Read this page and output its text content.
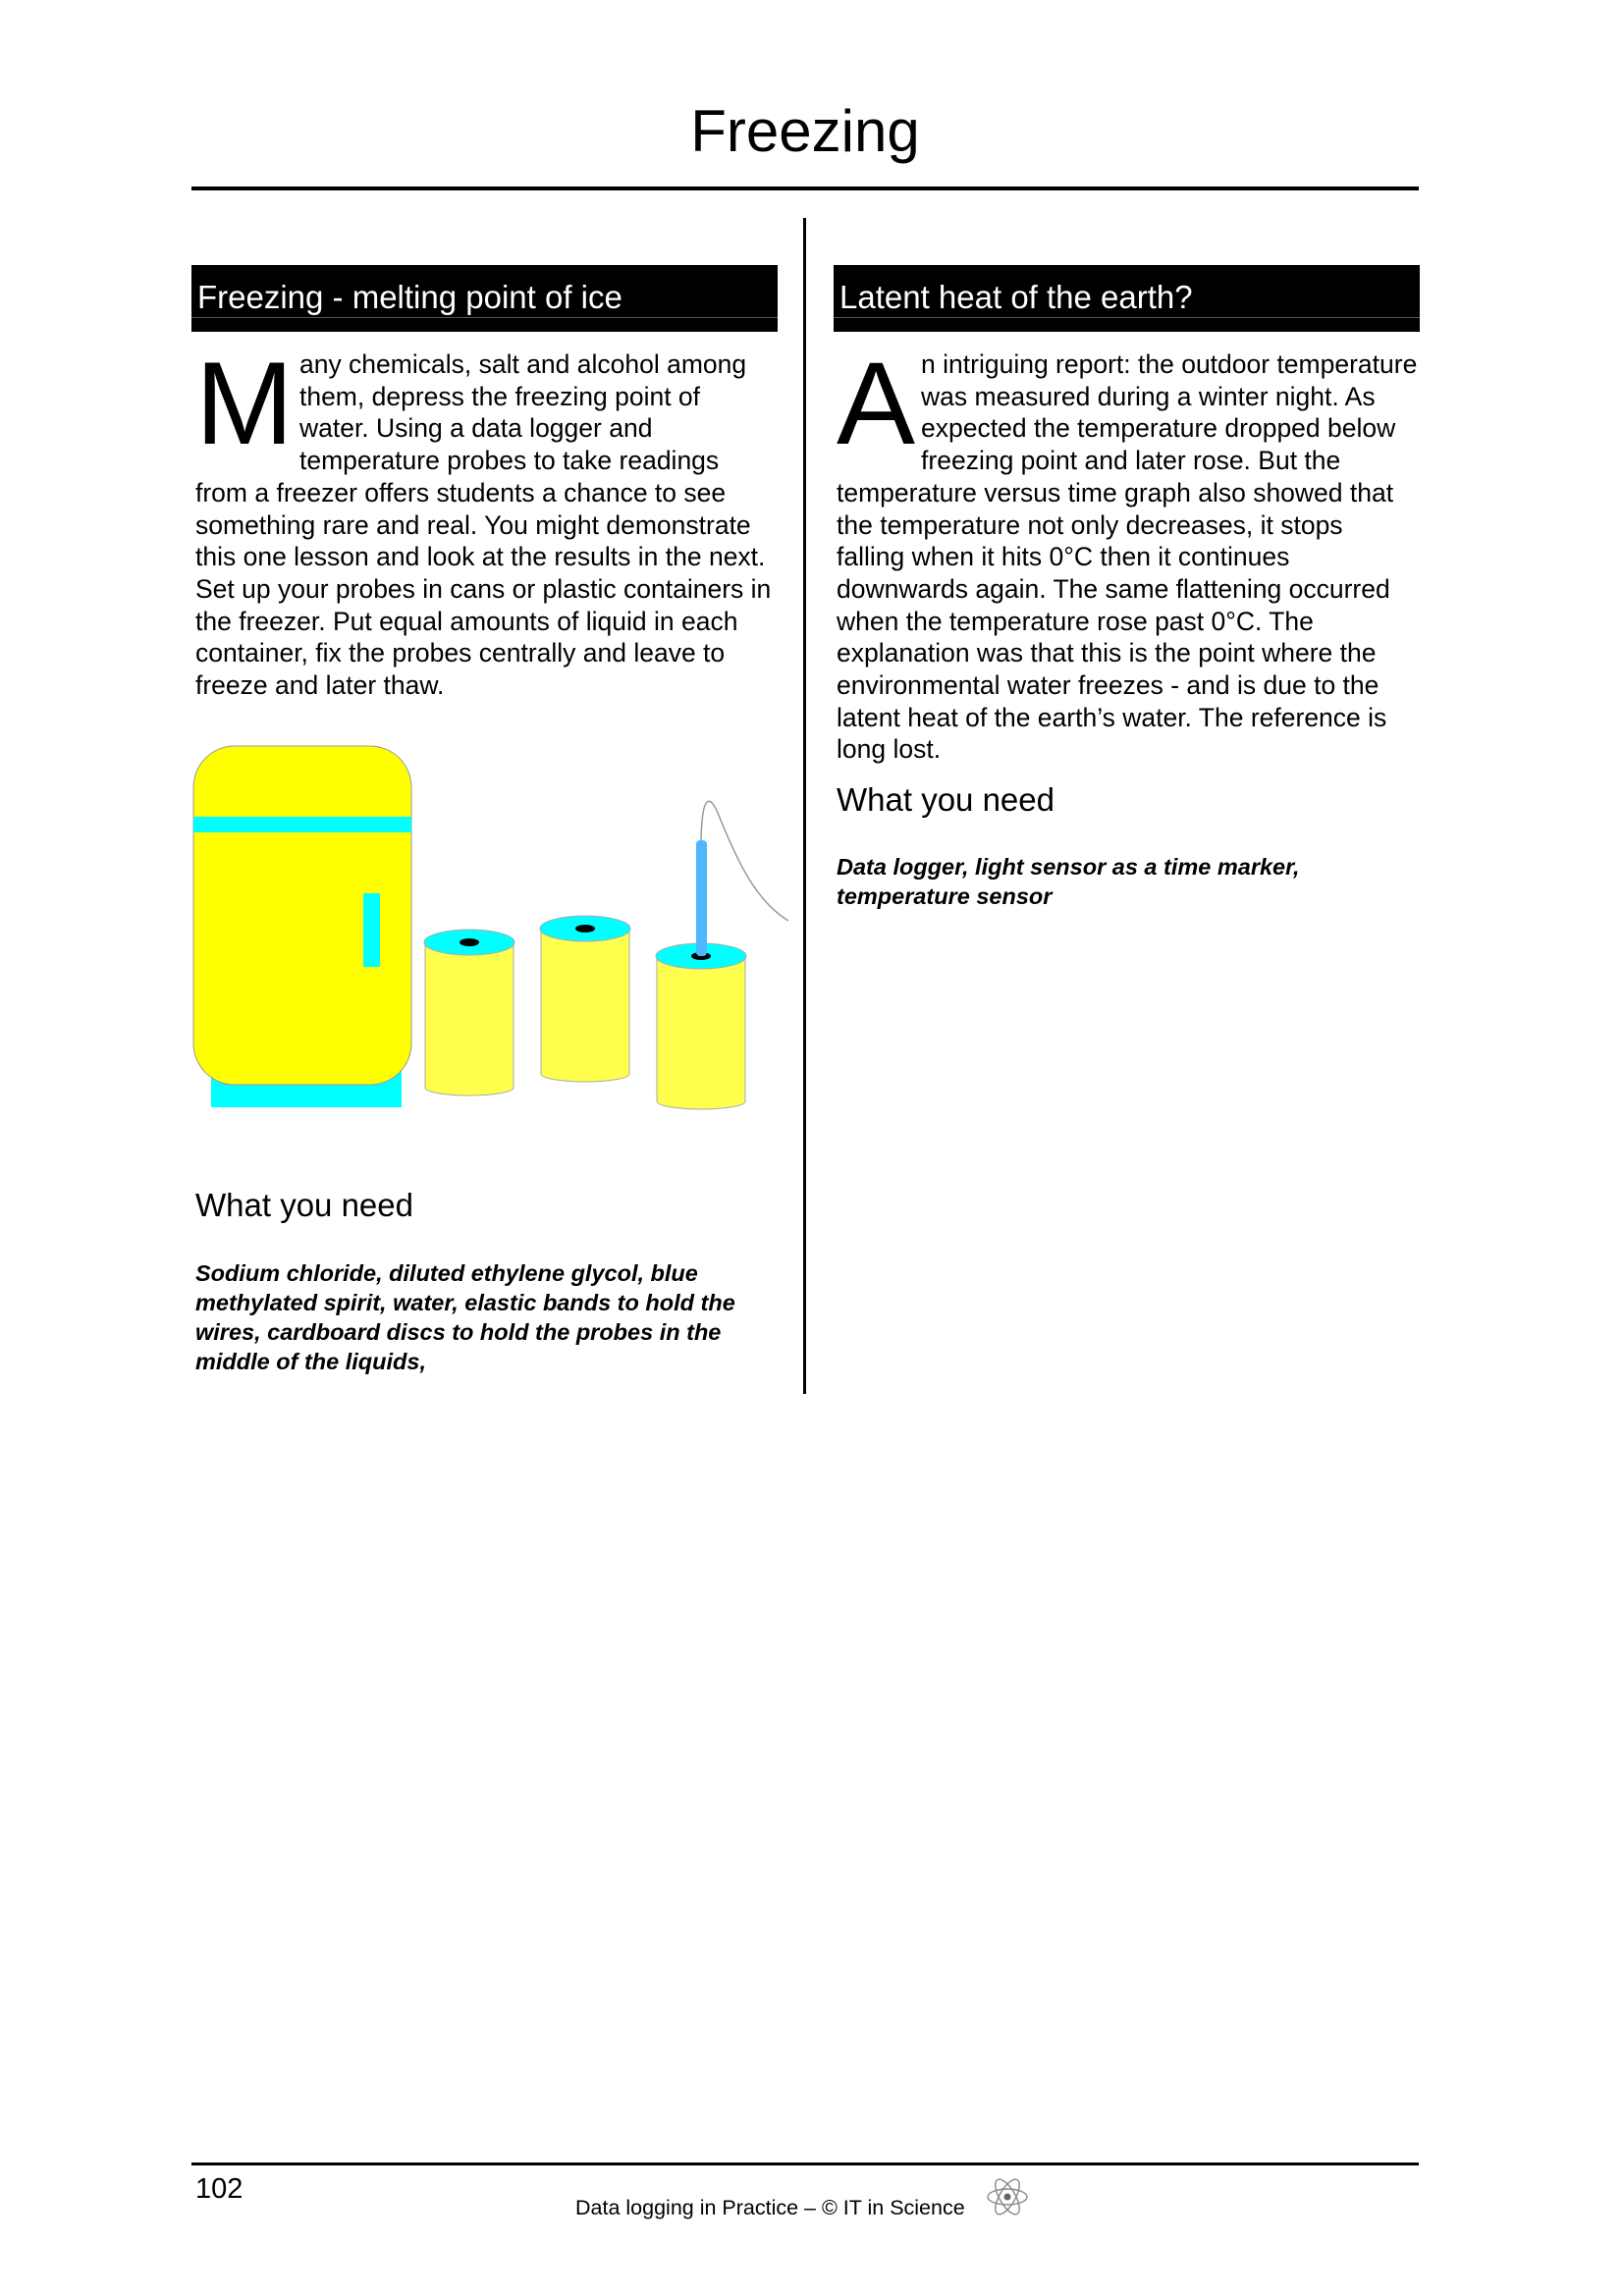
Freezing
Freezing - melting point of ice

Many chemicals, salt and alcohol among them, depress the freezing point of water. Using a data logger and temperature probes to take readings from a freezer offers students a chance to see something rare and real. You might demonstrate this one lesson and look at the results in the next. Set up your probes in cans or plastic containers in the freezer. Put equal amounts of liquid in each container, fix the probes centrally and leave to freeze and later thaw.

What you need

Sodium chloride, diluted ethylene glycol, blue methylated spirit, water, elastic bands to hold the wires, cardboard discs to hold the probes in the middle of the liquids,

Latent heat of the earth?

An intriguing report: the outdoor temperature was measured during a winter night. As expected the temperature dropped below freezing point and later rose. But the temperature versus time graph also showed that the temperature not only decreases, it stops falling when it hits 0°C then it continues downwards again. The same flattening occurred when the temperature rose past 0°C. The explanation was that this is the point where the environmental water freezes - and is due to the latent heat of the earth’s water. The reference is long lost.

What you need

Data logger, light sensor as a time marker, temperature sensor

102
Data logging in Practice – © IT in Science
